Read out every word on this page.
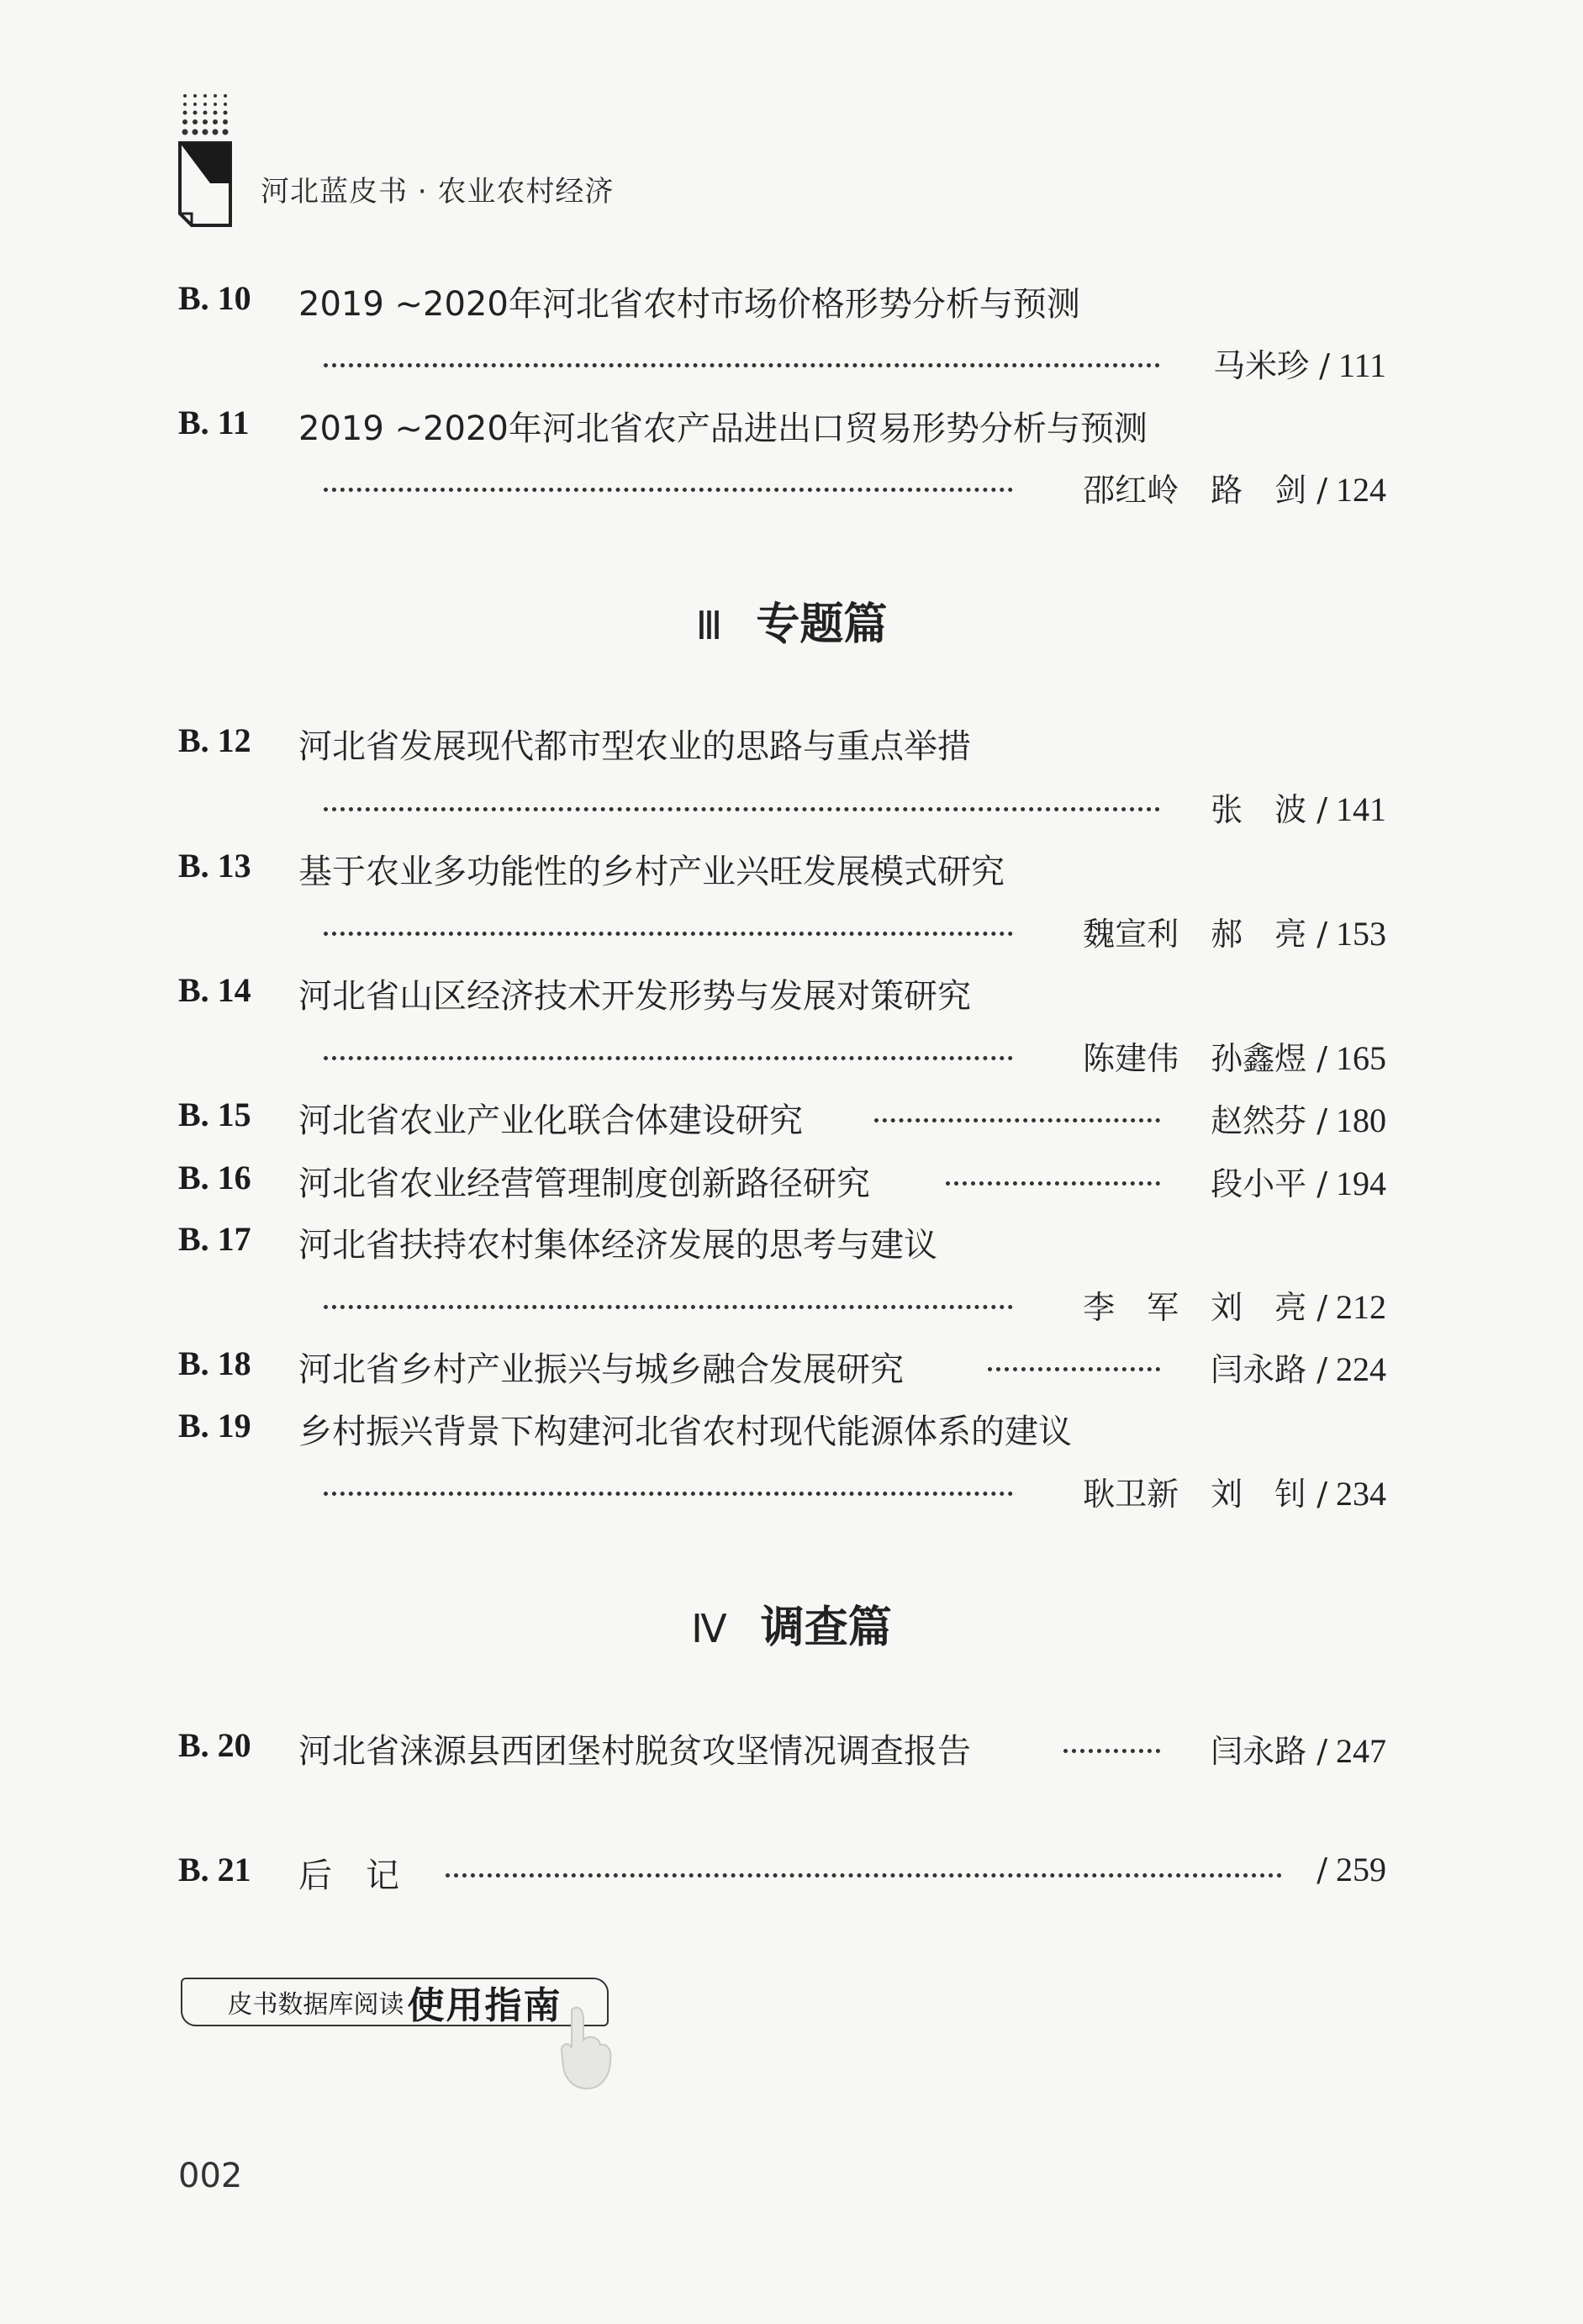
河北蓝皮书 · 农业农村经济
B. 10 2019 ~2020年河北省农村市场价格形势分析与预测
马米珍 / 111
B. 11 2019 ~2020年河北省农产品进出口贸易形势分析与预测
邵红岭　路　剑 / 124
Ⅲ 专题篇
B. 12 河北省发展现代都市型农业的思路与重点举措
张　波 / 141
B. 13 基于农业多功能性的乡村产业兴旺发展模式研究
魏宣利　郝　亮 / 153
B. 14 河北省山区经济技术开发形势与发展对策研究
陈建伟　孙鑫煜 / 165
B. 15 河北省农业产业化联合体建设研究	赵然芬 / 180
B. 16 河北省农业经营管理制度创新路径研究	段小平 / 194
B. 17 河北省扶持农村集体经济发展的思考与建议
李　军　刘　亮 / 212
B. 18 河北省乡村产业振兴与城乡融合发展研究	闫永路 / 224
B. 19 乡村振兴背景下构建河北省农村现代能源体系的建议
耿卫新　刘　钊 / 234
Ⅳ 调查篇
B. 20 河北省涞源县西团堡村脱贫攻坚情况调查报告	闫永路 / 247
B. 21 后　记	/ 259
皮书数据库阅读 使用指南
002
